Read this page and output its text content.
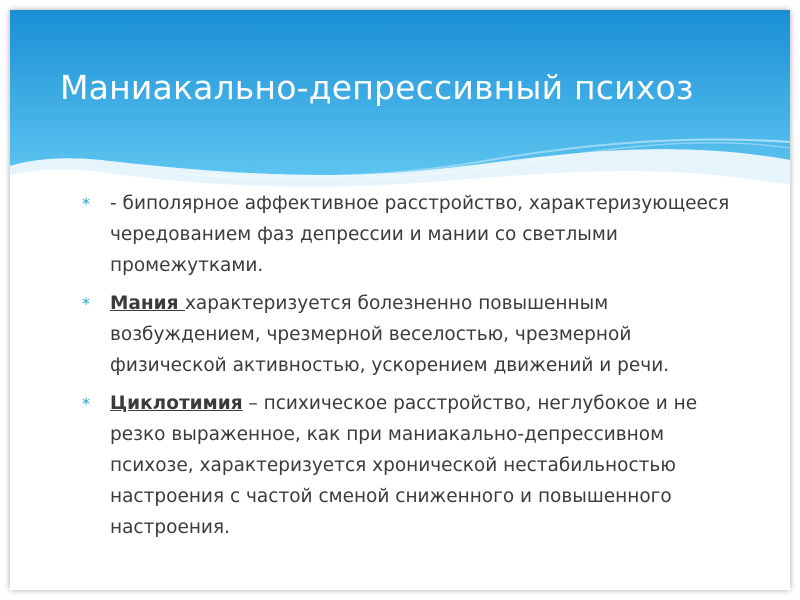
Маниакально-депрессивный психоз
*	- биполярное аффективное расстройство, характеризующееся чередованием фаз депрессии и мании со светлыми промежутками.
*	Мания характеризуется болезненно повышенным возбуждением, чрезмерной веселостью, чрезмерной физической активностью, ускорением движений и речи.
*	Циклотимия – психическое расстройство, неглубокое и не резко выраженное, как при маниакально-депрессивном психозе, характеризуется хронической нестабильностью настроения с частой сменой сниженного и повышенного настроения.
